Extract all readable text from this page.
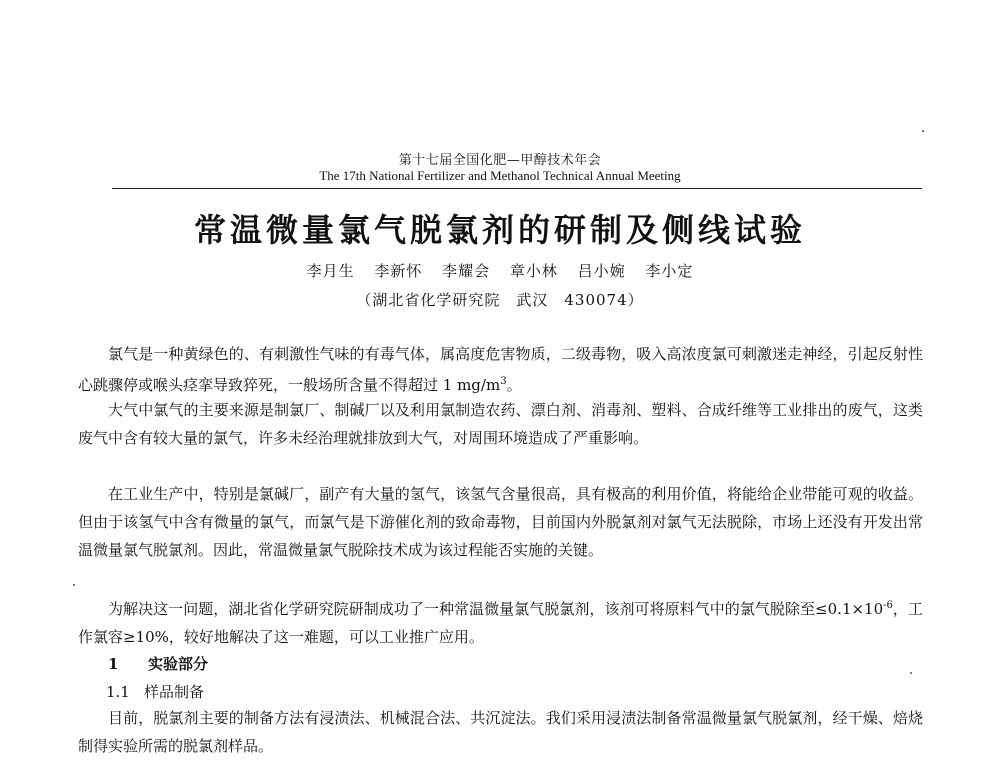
第十七届全国化肥—甲醇技术年会
The 17th National Fertilizer and Methanol Technical Annual Meeting
常温微量氯气脱氯剂的研制及侧线试验
李月生 李新怀 李耀会 章小林 吕小婉 李小定
（湖北省化学研究院　武汉　430074）

氯气是一种黄绿色的、有刺激性气味的有毒气体，属高度危害物质，二级毒物，吸入高浓度氯可刺激迷走神经，引起反射性心跳骤停或喉头痉挛导致猝死，一般场所含量不得超过 1 $mg/m^3$。

大气中氯气的主要来源是制氯厂、制碱厂以及利用氯制造农药、漂白剂、消毒剂、塑料、合成纤维等工业排出的废气，这类废气中含有较大量的氯气，许多未经治理就排放到大气，对周围环境造成了严重影响。

在工业生产中，特别是氯碱厂，副产有大量的氢气，该氢气含量很高，具有极高的利用价值，将能给企业带能可观的收益。但由于该氢气中含有微量的氯气，而氯气是下游催化剂的致命毒物，目前国内外脱氯剂对氯气无法脱除，市场上还没有开发出常温微量氯气脱氯剂。因此，常温微量氯气脱除技术成为该过程能否实施的关键。

为解决这一问题，湖北省化学研究院研制成功了一种常温微量氯气脱氯剂，该剂可将原料气中的氯气脱除至$\le 0.1\times 10^{-6}$，工作氯容≥10%，较好地解决了这一难题，可以工业推广应用。

1 实验部分
1.1 样品制备

目前，脱氯剂主要的制备方法有浸渍法、机械混合法、共沉淀法。我们采用浸渍法制备常温微量氯气脱氯剂，经干燥、焙烧制得实验所需的脱氯剂样品。
